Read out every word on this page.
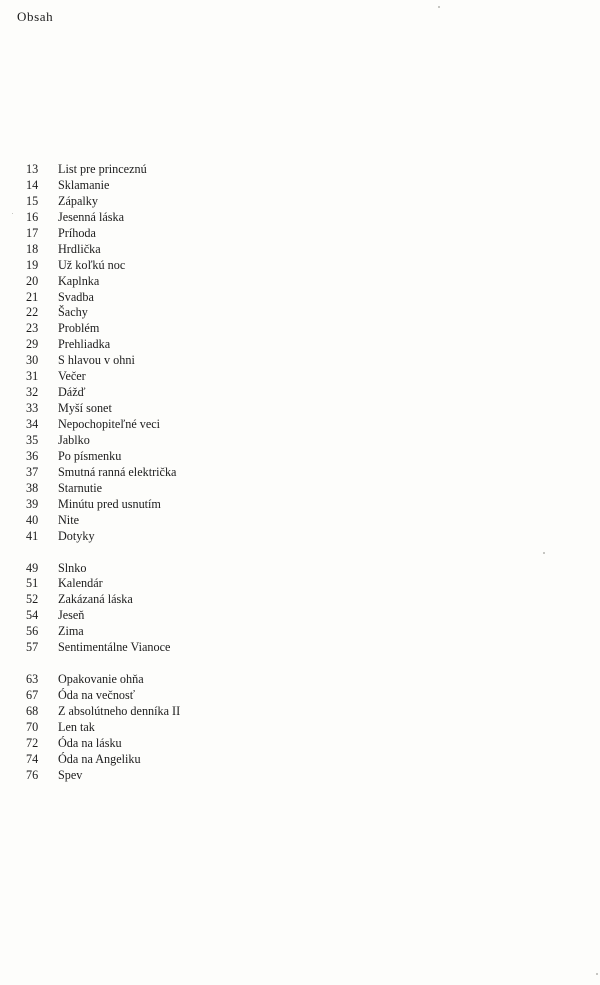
Obsah
13	List pre princeznú
14	Sklamanie
15	Zápalky
16	Jesenná láska
17	Príhoda
18	Hrdlička
19	Už koľkú noc
20	Kaplnka
21	Svadba
22	Šachy
23	Problém
29	Prehliadka
30	S hlavou v ohni
31	Večer
32	Dážď
33	Myší sonet
34	Nepochopiteľné veci
35	Jablko
36	Po písmenku
37	Smutná ranná električka
38	Starnutie
39	Minútu pred usnutím
40	Nite
41	Dotyky
49	Slnko
51	Kalendár
52	Zakázaná láska
54	Jeseň
56	Zima
57	Sentimentálne Vianoce
63	Opakovanie ohňa
67	Óda na večnosť
68	Z absolútneho denníka II
70	Len tak
72	Óda na lásku
74	Óda na Angeliku
76	Spev
